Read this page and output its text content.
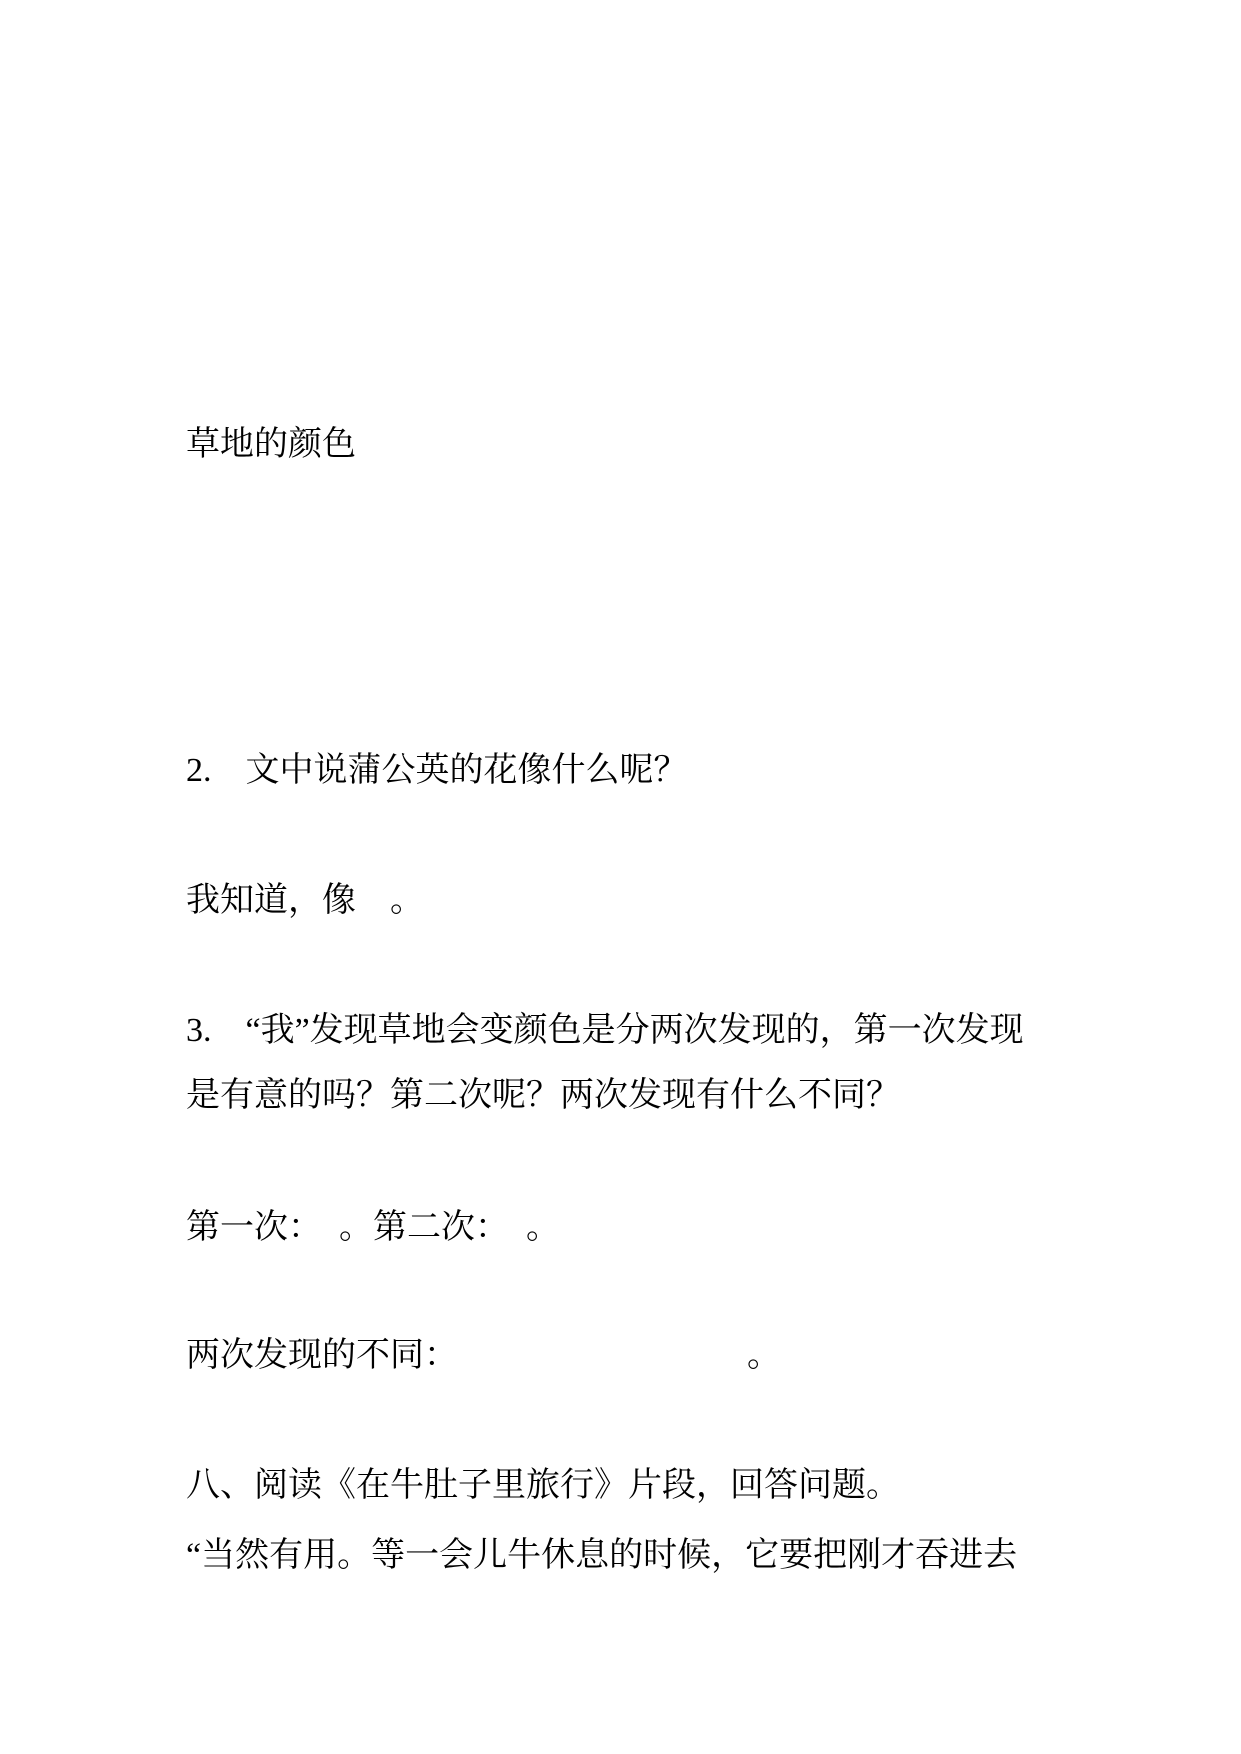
草地的颜色
2.　文中说蒲公英的花像什么呢？
我知道，像　。
3.　“我”发现草地会变颜色是分两次发现的，第一次发现
是有意的吗？第二次呢？两次发现有什么不同？
第一次：　。第二次：　。
两次发现的不同：　　　　　　　　　。
八、阅读《在牛肚子里旅行》片段，回答问题。
“当然有用。等一会儿牛休息的时候，它要把刚才吞进去
